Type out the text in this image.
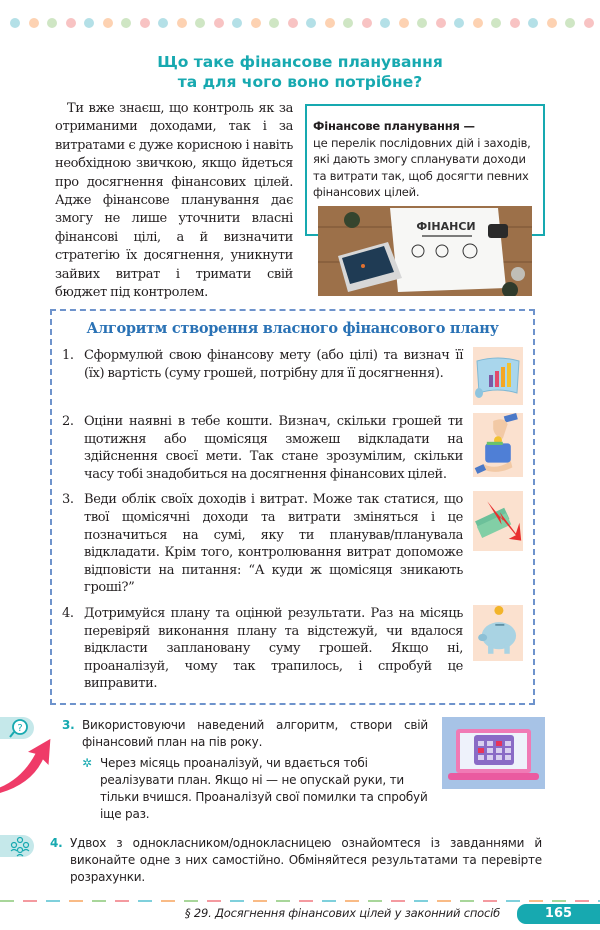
Що таке фінансове планування
та для чого воно потрібне?
Ти вже знаєш, що контроль як за отриманими доходами, так і за витратами є дуже корисною і навіть необхідною звичкою, якщо йдеться про досягнення фінансових цілей. Адже фінансове планування дає змогу не лише уточнити власні фінансові цілі, а й визначити стратегію їх досягнення, уникнути зайвих витрат і тримати свій бюджет під контролем.
Фінансове планування —
це перелік послідовних дій і заходів, які дають змогу спланувати доходи та витрати так, щоб досягти певних фінансових цілей.
ФІНАНСИ
Алгоритм створення власного фінансового плану
1. Сформулюй свою фінансову мету (або цілі) та визнач її (їх) вартість (суму грошей, потрібну для її досягнення).
2. Оціни наявні в тебе кошти. Визнач, скільки грошей ти щотижня або щомісяця зможеш відкладати на здійснення своєї мети. Так стане зрозумілим, скільки часу тобі знадобиться на досягнення фінансових цілей.
3. Веди облік своїх доходів і витрат. Може так статися, що твої щомісячні доходи та витрати зміняться і це позначиться на сумі, яку ти планував/планувала відкладати. Крім того, контролювання витрат допоможе відповісти на питання: “А куди ж щомісяця зникають гроші?”
4. Дотримуйся плану та оцінюй результати. Раз на місяць перевіряй виконання плану та відстежуй, чи вдалося відкласти заплановану суму грошей. Якщо ні, проаналізуй, чому так трапилось, і спробуй це виправити.
?	3. Використовуючи наведений алгоритм, створи свій фінансовий план на пів року.
✲ Через місяць проаналізуй, чи вдається тобі реалізувати план. Якщо ні — не опускай руки, ти тільки вчишся. Проаналізуй свої помилки та спробуй іще раз.
4. Удвох з однокласником/однокласницею ознайомтеся із завданнями й виконайте одне з них самостійно. Обміняйтеся результатами та перевірте розрахунки.
§ 29. Досягнення фінансових цілей у законний спосіб	165
